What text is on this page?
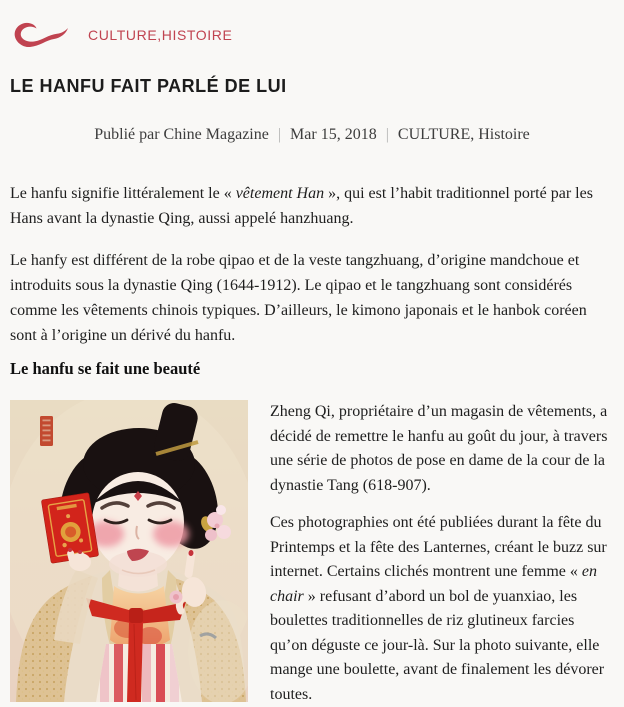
CULTURE,HISTOIRE
LE HANFU FAIT PARLÉ DE LUI

Publié par Chine Magazine | Mar 15, 2018 | CULTURE, Histoire

Le hanfu signifie littéralement le « vêtement Han », qui est l’habit traditionnel porté par les Hans avant la dynastie Qing, aussi appelé hanzhuang.

Le hanfy est différent de la robe qipao et de la veste tangzhuang, d’origine mandchoue et introduits sous la dynastie Qing (1644-1912). Le qipao et le tangzhuang sont considérés comme les vêtements chinois typiques. D’ailleurs, le kimono japonais et le hanbok coréen sont à l’origine un dérivé du hanfu.

Le hanfu se fait une beauté

Zheng Qi, propriétaire d’un magasin de vêtements, a décidé de remettre le hanfu au goût du jour, à travers une série de photos de pose en dame de la cour de la dynastie Tang (618-907).

Ces photographies ont été publiées durant la fête du Printemps et la fête des Lanternes, créant le buzz sur internet. Certains clichés montrent une femme « en chair » refusant d’abord un bol de yuanxiao, les boulettes traditionnelles de riz glutineux farcies qu’on déguste ce jour-là. Sur la photo suivante, elle mange une boulette, avant de finalement les dévorer toutes.
